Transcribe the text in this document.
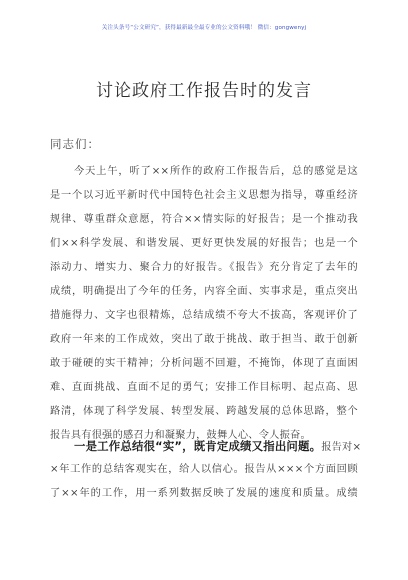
关注头条号“公文研究”，获得最新最全最专业的公文资料哦！ 微信：gongwenyj
讨论政府工作报告时的发言
同志们：
今天上午，听了××所作的政府工作报告后，总的感觉是这
是一个以习近平新时代中国特色社会主义思想为指导，尊重经济
规律、尊重群众意愿，符合××情实际的好报告；是一个推动我
们××科学发展、和谐发展、更好更快发展的好报告；也是一个
添动力、增实力、聚合力的好报告。《报告》充分肯定了去年的
成绩，明确提出了今年的任务，内容全面、实事求是，重点突出
措施得力、文字也很精炼，总结成绩不夸大不拔高，客观评价了
政府一年来的工作成效，突出了敢于挑战、敢于担当、敢于创新
敢于碰硬的实干精神；分析问题不回避，不掩饰，体现了直面困
难、直面挑战、直面不足的勇气；安排工作目标明、起点高、思
路清，体现了科学发展、转型发展、跨越发展的总体思路，整个
报告具有很强的感召力和凝聚力，鼓舞人心、令人振奋。
一是工作总结很“实”，既肯定成绩又指出问题。报告对×
×年工作的总结客观实在，给人以信心。报告从×××个方面回顾
了××年的工作，用一系列数据反映了发展的速度和质量。成绩
